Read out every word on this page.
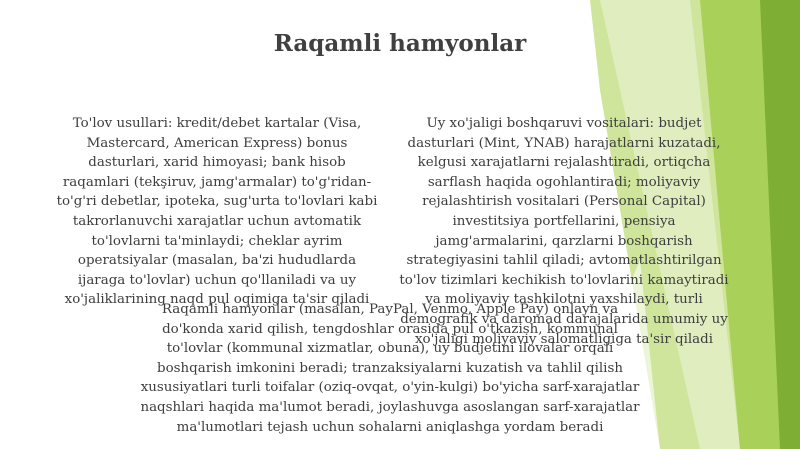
Raqamli hamyonlar
To'lov usullari: kredit/debet kartalar (Visa, Mastercard, American Express) bonus dasturlari, xarid himoyasi; bank hisob raqamlari (tekşiruv, jamg'armalar) to'g'ridan-to'g'ri debetlar, ipoteka, sug'urta to'lovlari kabi takrorlanuvchi xarajatlar uchun avtomatik to'lovlarni ta'minlaydi; cheklar ayrim operatsiyalar (masalan, ba'zi hududlarda ijaraga to'lovlar) uchun qo'llaniladi va uy xo'jaliklarining naqd pul oqimiga ta'sir qiladi
Uy xo'jaligi boshqaruvi vositalari: budjet dasturlari (Mint, YNAB) harajatlarni kuzatadi, kelgusi xarajatlarni rejalashtiradi, ortiqcha sarflash haqida ogohlantiradi; moliyaviy rejalashtirish vositalari (Personal Capital) investitsiya portfellarini, pensiya jamg'armalarini, qarzlarni boshqarish strategiyasini tahlil qiladi; avtomatlashtirilgan to'lov tizimlari kechikish to'lovlarini kamaytiradi va moliyaviy tashkilotni yaxshilaydi, turli demografik va daromad darajalarida umumiy uy xo'jaligi moliyaviy salomatligiga ta'sir qiladi
Raqamli hamyonlar (masalan, PayPal, Venmo, Apple Pay) onlayn va do'konda xarid qilish, tengdoshlar orasida pul o'tkazish, kommunal to'lovlar (kommunal xizmatlar, obuna), uy budjetini ilovalar orqali boshqarish imkonini beradi; tranzaksiyalarni kuzatish va tahlil qilish xususiyatlari turli toifalar (oziq-ovqat, o'yin-kulgi) bo'yicha sarf-xarajatlar naqshlari haqida ma'lumot beradi, joylashuvga asoslangan sarf-xarajatlar ma'lumotlari tejash uchun sohalarni aniqlashga yordam beradi
